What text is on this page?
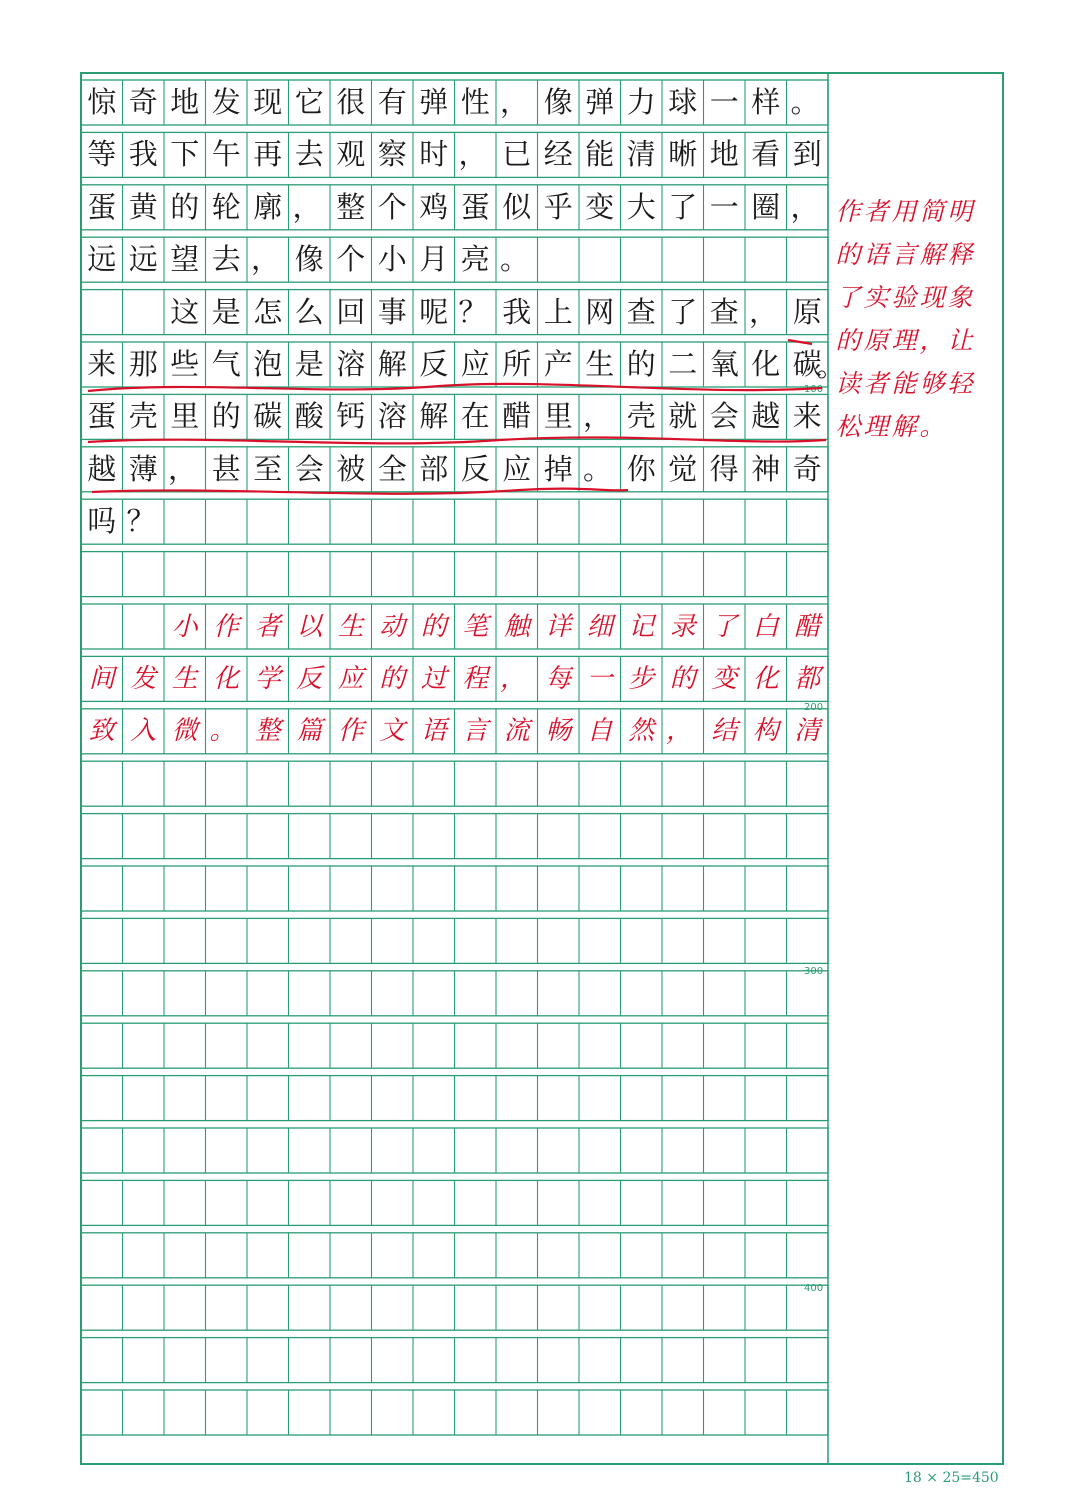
惊 奇 地 发 现 它 很 有 弹 性 ， 像 弹 力 球 一 样 。
等 我 下 午 再 去 观 察 时 ， 已 经 能 清 晰 地 看 到
蛋 黄 的 轮 廓 ， 整 个 鸡 蛋 似 乎 变 大 了 一 圈 ，
远 远 望 去 ， 像 个 小 月 亮 。
这 是 怎 么 回 事 呢 ？ 我 上 网 查 了 查 ， 原
来 那 些 气 泡 是 溶 解 反 应 所 产 生 的 二 氧 化 碳
蛋 壳 里 的 碳 酸 钙 溶 解 在 醋 里 ， 壳 就 会 越 来
越 薄 ， 甚 至 会 被 全 部 反 应 掉 。 你 觉 得 神 奇
吗 ？
小 作 者 以 生 动 的 笔 触 详 细 记 录 了 白 醋
间 发 生 化 学 反 应 的 过 程 ， 每 一 步 的 变 化 都
致 入 微 。 整 篇 作 文 语 言 流 畅 自 然 ， 结 构 清
100
200
300
400
。
作 者 用 简 明
的 语 言 解 释
了 实 验 现 象
的 原 理 ， 让
读 者 能 够 轻
松 理 解 。
18 × 25=450
